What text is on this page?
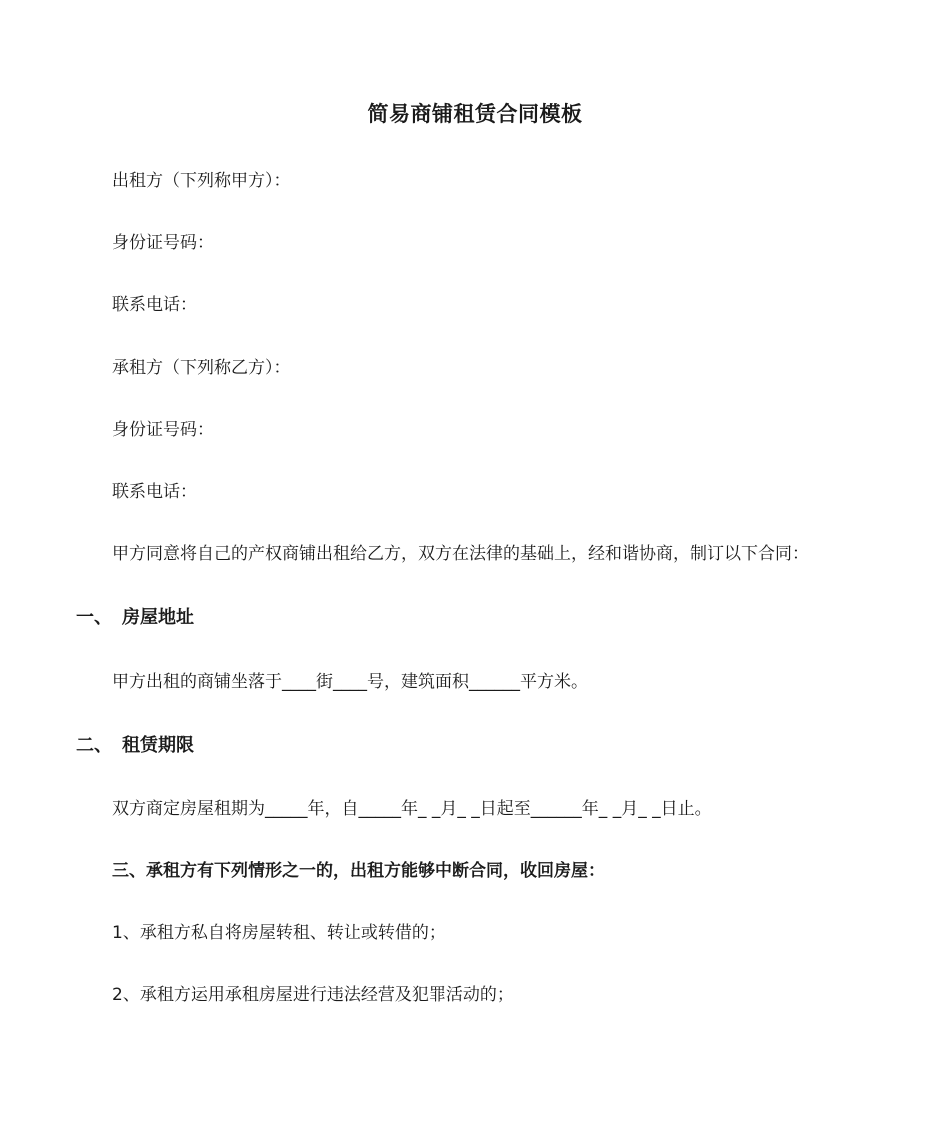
简易商铺租赁合同模板
出租方（下列称甲方）：
身份证号码：
联系电话：
承租方（下列称乙方）：
身份证号码：
联系电话：
甲方同意将自己的产权商铺出租给乙方，双方在法律的基础上，经和谐协商，制订以下合同：
一、 房屋地址
甲方出租的商铺坐落于____街____号，建筑面积______平方米。
二、 租赁期限
双方商定房屋租期为_____年，自_____年_ _月_ _日起至______年_ _月_ _日止。
三、承租方有下列情形之一的，出租方能够中断合同，收回房屋：
1、承租方私自将房屋转租、转让或转借的；
2、承租方运用承租房屋进行违法经营及犯罪活动的；
